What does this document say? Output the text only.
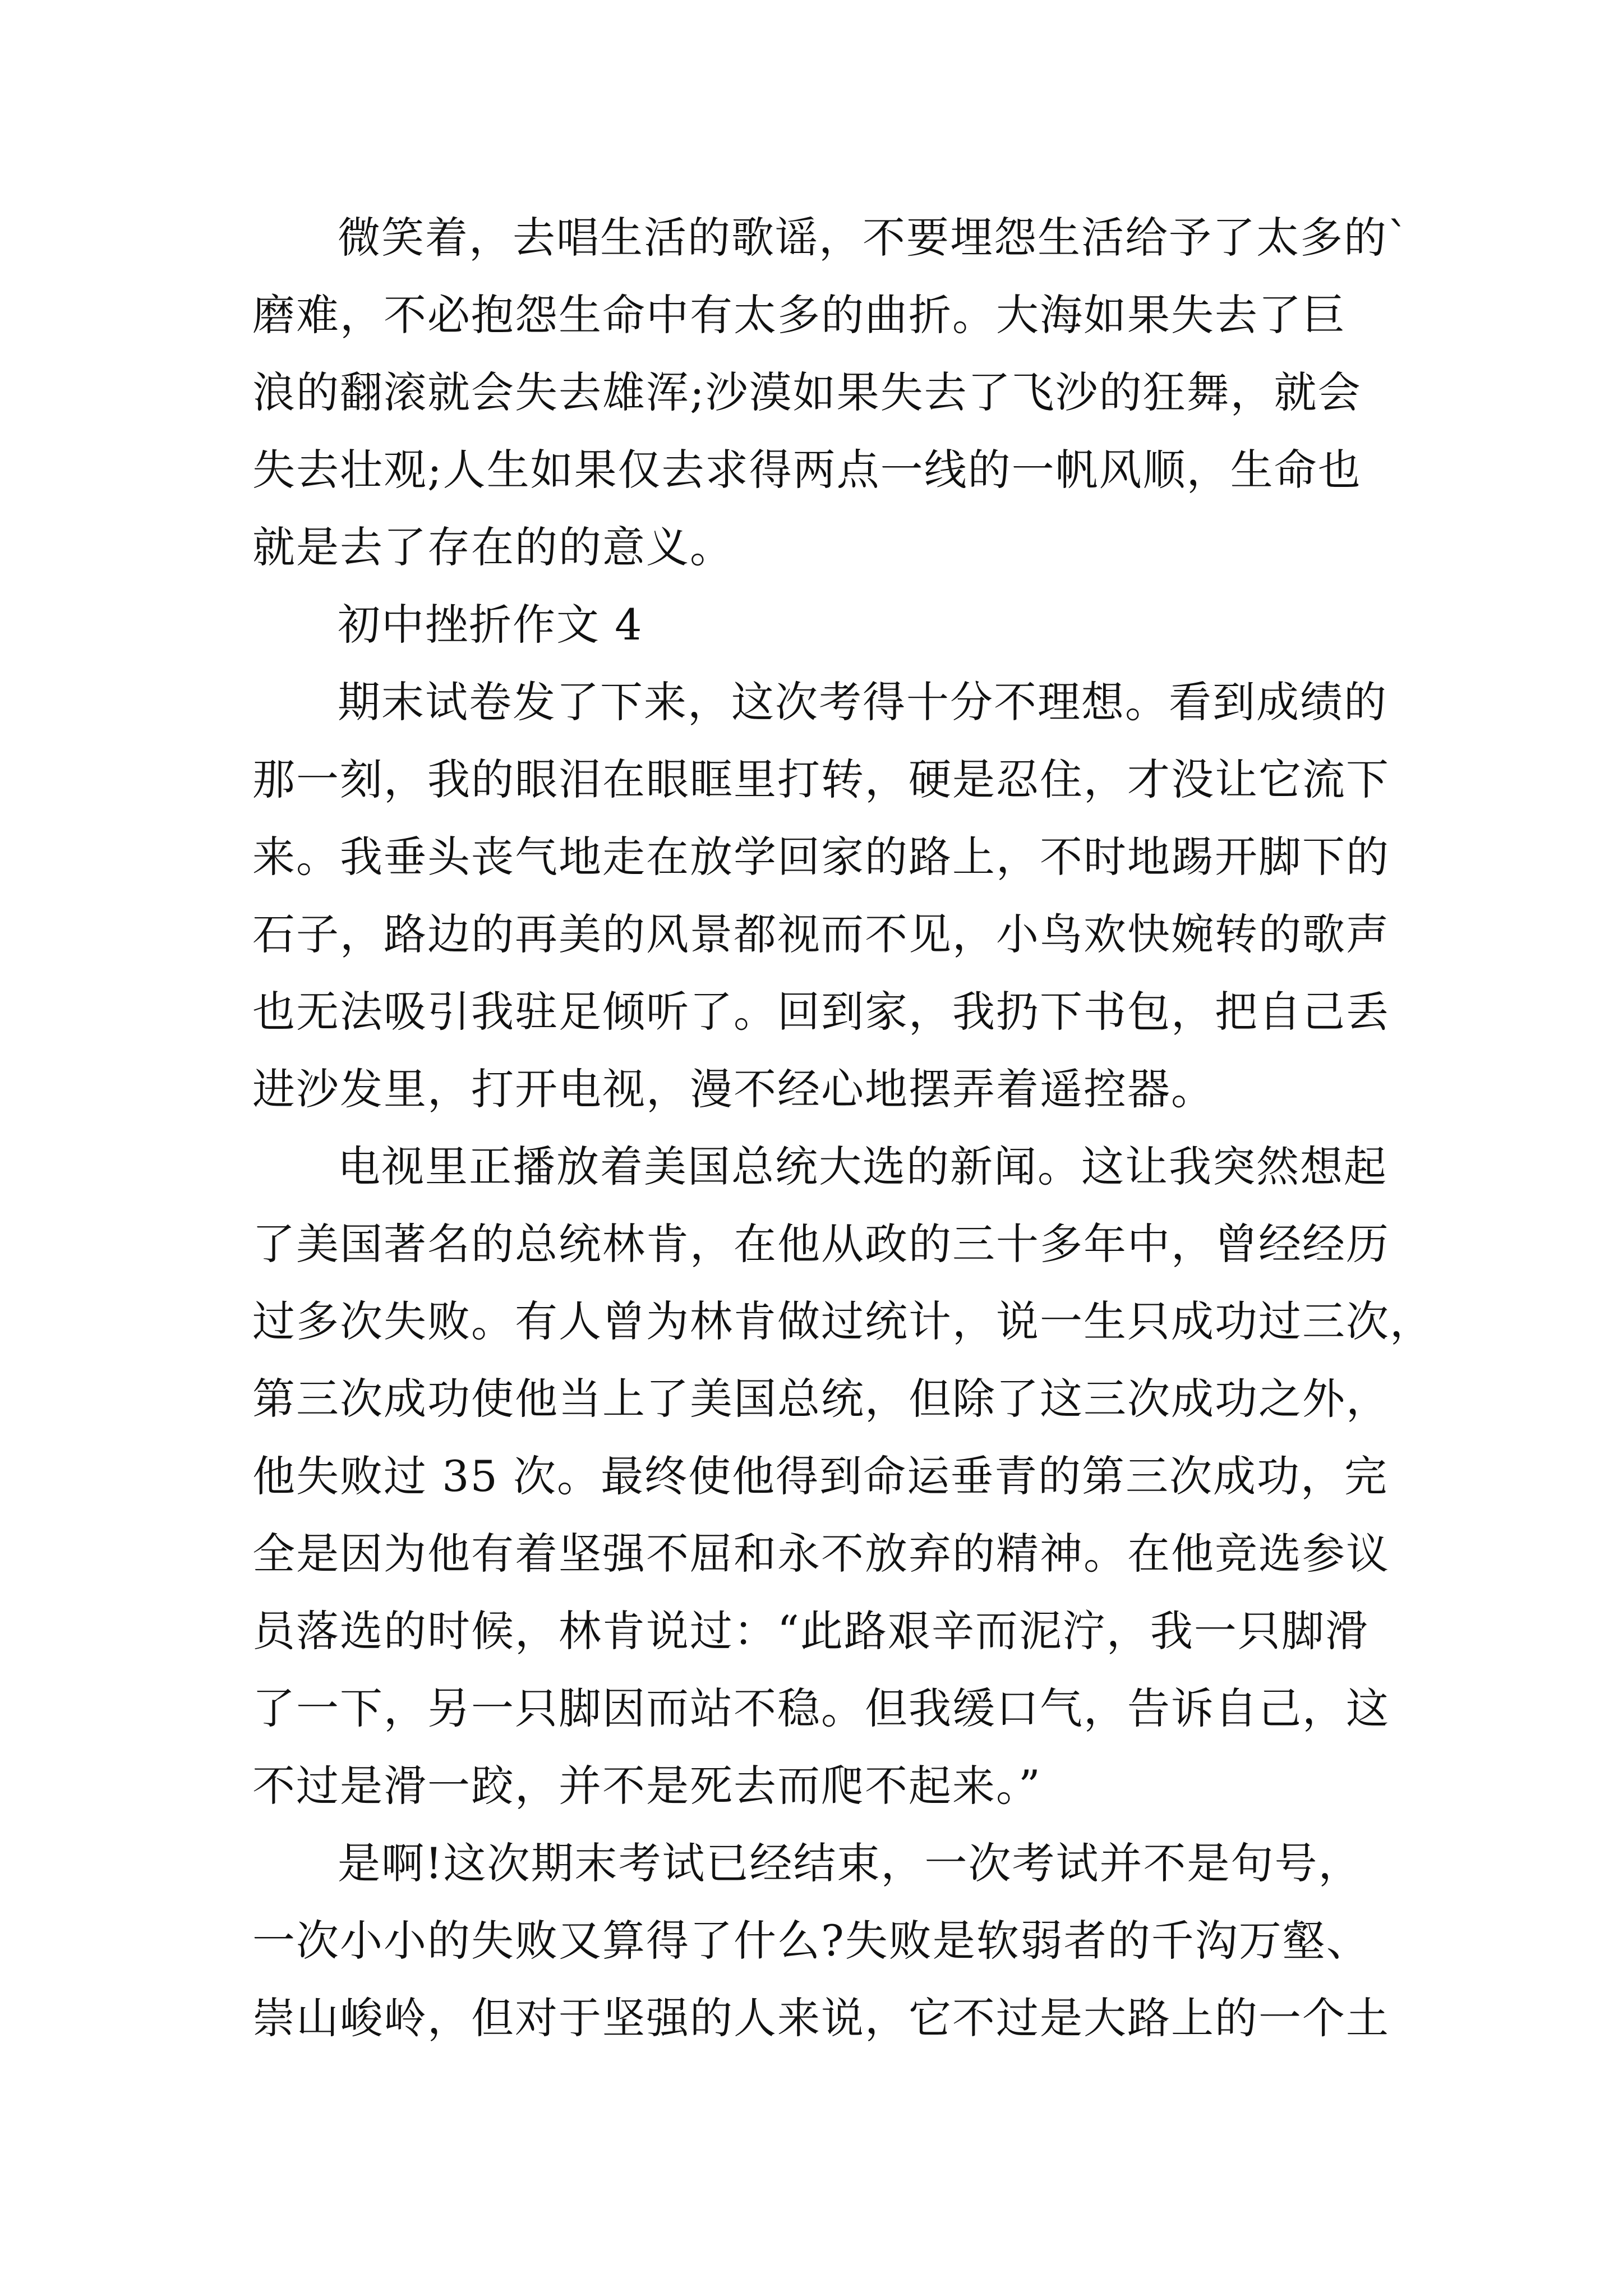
微笑着，去唱生活的歌谣，不要埋怨生活给予了太多的`
磨难，不必抱怨生命中有太多的曲折。大海如果失去了巨
浪的翻滚就会失去雄浑;沙漠如果失去了飞沙的狂舞，就会
失去壮观;人生如果仅去求得两点一线的一帆风顺，生命也
就是去了存在的的意义。
初中挫折作文 4
期末试卷发了下来，这次考得十分不理想。看到成绩的
那一刻，我的眼泪在眼眶里打转，硬是忍住，才没让它流下
来。我垂头丧气地走在放学回家的路上，不时地踢开脚下的
石子，路边的再美的风景都视而不见，小鸟欢快婉转的歌声
也无法吸引我驻足倾听了。回到家，我扔下书包，把自己丢
进沙发里，打开电视，漫不经心地摆弄着遥控器。
电视里正播放着美国总统大选的新闻。这让我突然想起
了美国著名的总统林肯，在他从政的三十多年中，曾经经历
过多次失败。有人曾为林肯做过统计，说一生只成功过三次，
第三次成功使他当上了美国总统，但除了这三次成功之外，
他失败过 35 次。最终使他得到命运垂青的第三次成功，完
全是因为他有着坚强不屈和永不放弃的精神。在他竞选参议
员落选的时候，林肯说过：“此路艰辛而泥泞，我一只脚滑
了一下，另一只脚因而站不稳。但我缓口气，告诉自己，这
不过是滑一跤，并不是死去而爬不起来。”
是啊!这次期末考试已经结束，一次考试并不是句号，
一次小小的失败又算得了什么?失败是软弱者的千沟万壑、
崇山峻岭，但对于坚强的人来说，它不过是大路上的一个土
